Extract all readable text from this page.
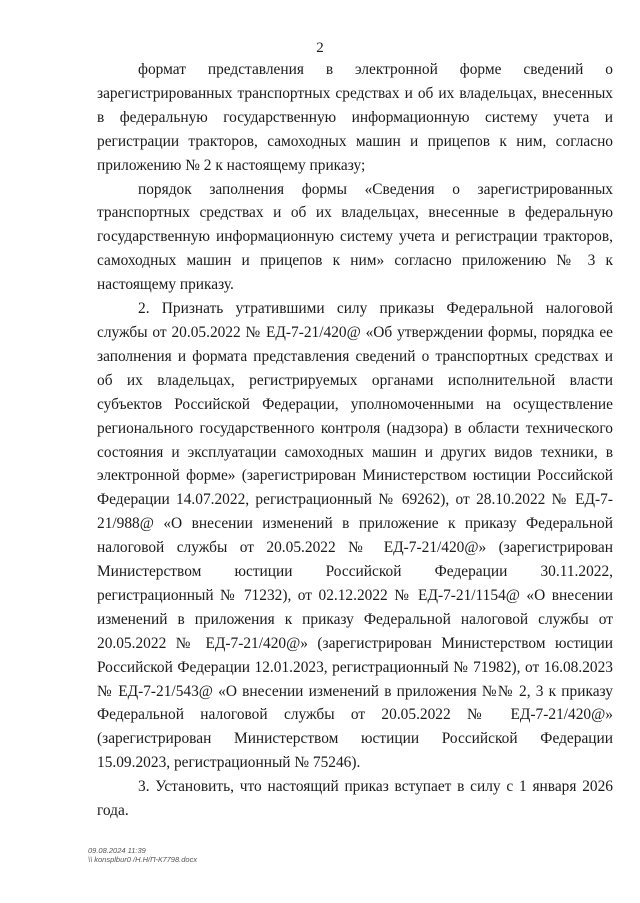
2

формат представления в электронной форме сведений о зарегистрированных транспортных средствах и об их владельцах, внесенных в федеральную государственную информационную систему учета и регистрации тракторов, самоходных машин и прицепов к ним, согласно приложению № 2 к настоящему приказу;

порядок заполнения формы «Сведения о зарегистрированных транспортных средствах и об их владельцах, внесенные в федеральную государственную информационную систему учета и регистрации тракторов, самоходных машин и прицепов к ним» согласно приложению № 3 к настоящему приказу.

2. Признать утратившими силу приказы Федеральной налоговой службы от 20.05.2022 № ЕД-7-21/420@ «Об утверждении формы, порядка ее заполнения и формата представления сведений о транспортных средствах и об их владельцах, регистрируемых органами исполнительной власти субъектов Российской Федерации, уполномоченными на осуществление регионального государственного контроля (надзора) в области технического состояния и эксплуатации самоходных машин и других видов техники, в электронной форме» (зарегистрирован Министерством юстиции Российской Федерации 14.07.2022, регистрационный № 69262), от 28.10.2022 № ЕД-7-21/988@ «О внесении изменений в приложение к приказу Федеральной налоговой службы от 20.05.2022 № ЕД-7-21/420@» (зарегистрирован Министерством юстиции Российской Федерации 30.11.2022, регистрационный № 71232), от 02.12.2022 № ЕД-7-21/1154@ «О внесении изменений в приложения к приказу Федеральной налоговой службы от 20.05.2022 № ЕД-7-21/420@» (зарегистрирован Министерством юстиции Российской Федерации 12.01.2023, регистрационный № 71982), от 16.08.2023 № ЕД-7-21/543@ «О внесении изменений в приложения №№ 2, 3 к приказу Федеральной налоговой службы от 20.05.2022 № ЕД-7-21/420@» (зарегистрирован Министерством юстиции Российской Федерации 15.09.2023, регистрационный № 75246).

3. Установить, что настоящий приказ вступает в силу с 1 января 2026 года.

09.08.2024 11:39
\\ konsplbur0 /Н.Н/П-К7798.docx
